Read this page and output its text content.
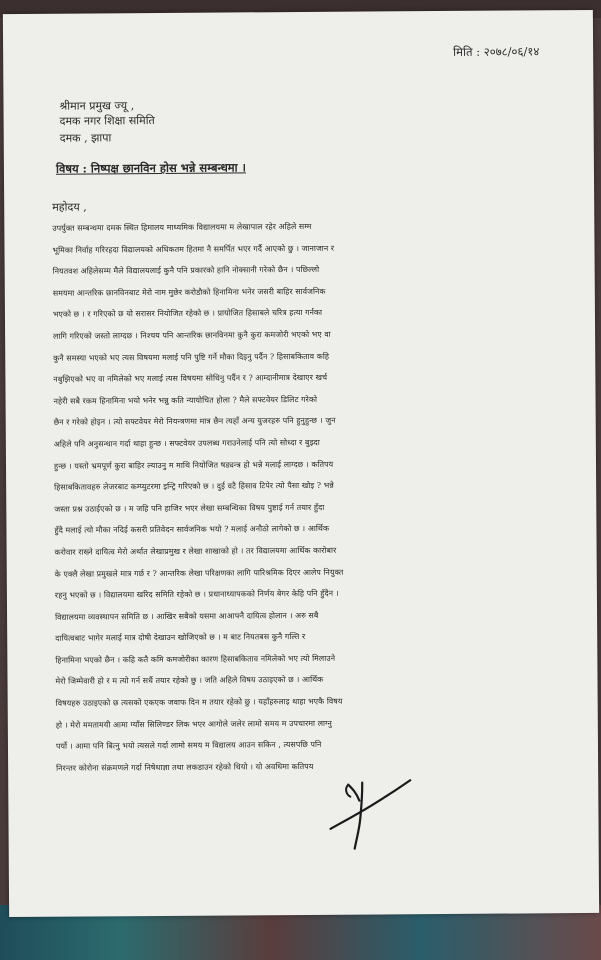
मिति : २०७८/०६/१४
श्रीमान प्रमुख ज्यू ,
दमक नगर शिक्षा समिति
दमक , झापा
विषय : निष्पक्ष छानविन होस भन्ने सम्बन्धमा ।
महोदय ,
उपर्युक्त सम्बन्धमा दमक स्थित हिमालय माध्यमिक विद्यालयमा म लेखापाल रहेर अहिले सम्म
भूमिका निर्वाह गरिरहदा विद्यालयको अधिकतम हितमा नै समर्पित भएर गर्दै आएको छु । जानाजान र
नियतवश अहिलेसम्म मैले विद्यालयलाई कुनै पनि प्रकारको हानि नोक्सानी गरेको छैन । पछिल्लो
समयमा आन्तरिक छानविनबाट मेरो नाम मुछेर करोडौको हिनामिना भनेर जसरी बाहिर सार्वजनिक
भएको छ । र गरिएको छ यो सरासर नियोजित रहेको छ । प्रायोजित हिसाबले चरित्र हत्या गर्नका
लागि गरिएको जस्तो लाग्दछ । निश्चय पनि आन्तरिक छानविनमा कुनै कुरा कमजोरी भएको भए वा
कुनै समस्या भएको भए त्यस विषयमा मलाई पनि पुष्टि गर्ने मौका दिइनु पर्दैन ? हिसाबकिताव कहि
नबुझिएको भए वा नमिलेको भए मलाई त्यस विषयमा सोधिनु पर्दैन र ? आम्दानीमात्र देखाएर खर्च
नहेरी सबै रकम हिनामिना भयो भनेर भन्नु कति न्यायोचित होला ? मैले सफ्टवेयर डिलिट गरेको
छैन र गरेको होइन । त्यो सफ्टवेयर मेरो नियन्त्रणमा मात्र छैन त्यहाँ अन्य युजरहरु पनि हुनुहुन्छ । जुन
अहिले पनि अनुसन्धान गर्दा थाहा हुन्छ । सफ्टवेयर उपलब्ध गराउनेलाई पनि त्यो सोध्दा र बुझ्दा
हुन्छ । यस्तो भ्रमपूर्ण कुरा बाहिर ल्याउनु म माथि नियोजित षड्यन्त्र हो भन्ने मलाई लाग्दछ । कतिपय
हिसाबकितावहरु लेजरबाट कम्प्युटरमा इन्ट्रि गरिएको छ । दुई वटै हिसाव टिपेर त्यो पैसा खोइ ? भन्ने
जस्ता प्रश्न उठाईएको छ । म जहि पनि हाजिर भएर लेखा सम्बन्धिका विषय पुष्टाई गर्न तयार हुँदा
हुँदै मलाई त्यो मौका नदिई कसरी प्रतिवेदन सार्वजनिक भयो ? मलाई अनौठो लागेको छ । आर्थिक
करोवार राख्ने दायित्व मेरो अर्थात लेखाप्रमुख र लेखा शाखाको हो । तर विद्यालयमा आर्थिक कारोबार
के एक्लै लेखा प्रमुखले मात्र गर्छ र ? आन्तरिक लेखा परिक्षणका लागि पारिश्रमिक दिएर आलेप नियुक्त
रहनु भएको छ । विद्यालयमा खरिद समिति रहेको छ । प्रधानाध्यापकको निर्णय बेगर केहि पनि हुँदैन ।
विद्यालयमा व्यवस्थापन समिति छ । आखिर सबैको यसमा आआफ्नै दायित्व होलान । अरु सबै
दायित्वबाट भागेर मलाई मात्र दोषी देखाउन खोजिएको छ । म बाट नियतबस कुनै गल्ति र
हिनामिना भएको छैन । कहि कतै कमि कमजोरीका कारण हिसाबकिताव नमिलेको भए त्यो मिलाउने
मेरो जिम्मेवारी हो र म त्यो गर्न सधैं तयार रहेको छु । जति अहिले विषय उठाइएको छ । आर्थिक
विषयहरु उठाइएको छ त्यसको एकएक जवाफ दिन म तयार रहेको छु । यहाँहरुलाइ थाहा भएकै विषय
हो । मेरो ममतामयी आमा ग्याँस सिलिण्डर लिक भएर आगोले जलेर लामो समय म उपचारमा लाग्नु
पर्यो । आमा पनि बित्नु भयो त्यसले गर्दा लामो समय म विद्यालय आउन सकिन , त्यसपछि पनि
निरन्तर कोरोना संक्रमणले गर्दा निषेधाज्ञा तथा लकडाउन रहेको थियो । यो अवधिमा कतिपय
